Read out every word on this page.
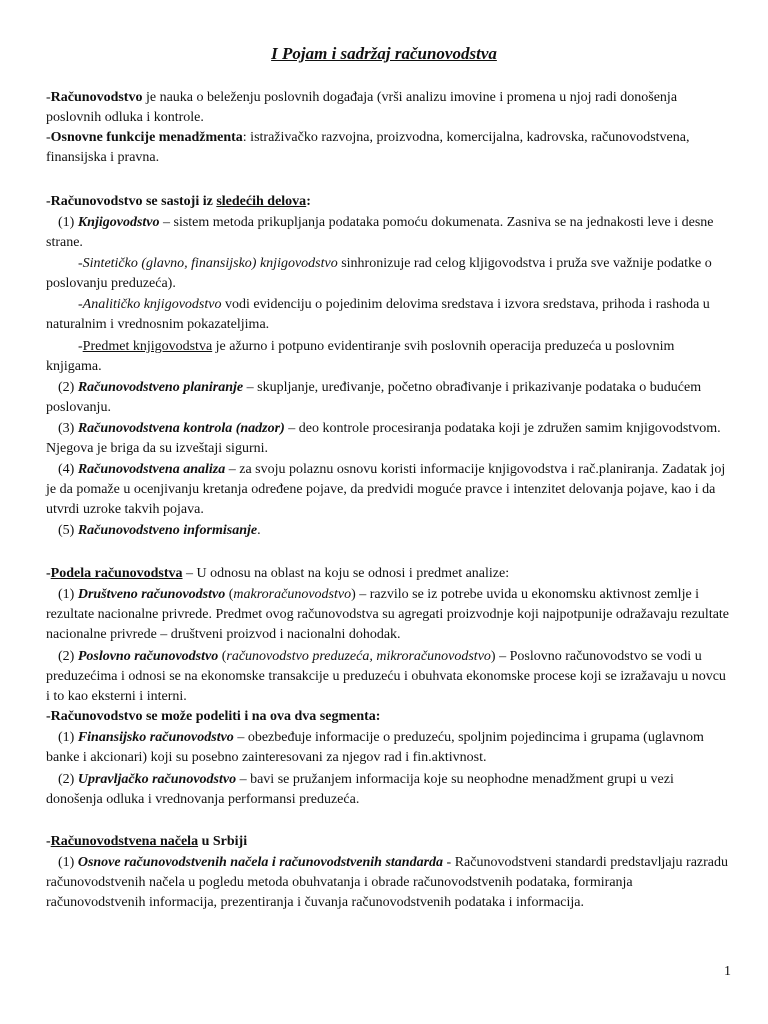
I Pojam i sadržaj računovodstva

-Računovodstvo je nauka o beleženju poslovnih događaja (vrši analizu imovine i promena u njoj radi donošenja poslovnih odluka i kontrole.

-Osnovne funkcije menadžmenta: istraživačko razvojna, proizvodna, komercijalna, kadrovska, računovodstvena, finansijska i pravna.

-Računovodstvo se sastoji iz sledećih delova:

(1) Knjigovodstvo – sistem metoda prikupljanja podataka pomoću dokumenata. Zasniva se na jednakosti leve i desne strane.

-Sintetičko (glavno, finansijsko) knjigovodstvo sinhronizuje rad celog kljigovodstva i pruža sve važnije podatke o poslovanju preduzeća).

-Analitičko knjigovodstvo vodi evidenciju o pojedinim delovima sredstava i izvora sredstava, prihoda i rashoda u naturalnim i vrednosnim pokazateljima.

-Predmet knjigovodstva je ažurno i potpuno evidentiranje svih poslovnih operacija preduzeća u poslovnim knjigama.

(2) Računovodstveno planiranje – skupljanje, uređivanje, početno obrađivanje i prikazivanje podataka o budućem poslovanju.

(3) Računovodstvena kontrola (nadzor) – deo kontrole procesiranja podataka koji je združen samim knjigovodstvom. Njegova je briga da su izveštaji sigurni.

(4) Računovodstvena analiza – za svoju polaznu osnovu koristi informacije knjigovodstva i rač.planiranja. Zadatak joj je da pomaže u ocenjivanju kretanja određene pojave, da predvidi moguće pravce i intenzitet delovanja pojave, kao i da utvrdi uzroke takvih pojava.

(5) Računovodstveno informisanje.

-Podela računovodstva – U odnosu na oblast na koju se odnosi i predmet analize:

(1) Društveno računovodstvo (makroračunovodstvo) – razvilo se iz potrebe uvida u ekonomsku aktivnost zemlje i rezultate nacionalne privrede. Predmet ovog računovodstva su agregati proizvodnje koji najpotpunije odražavaju rezultate nacionalne privrede – društveni proizvod i nacionalni dohodak.

(2) Poslovno računovodstvo (računovodstvo preduzeća, mikroračunovodstvo) – Poslovno računovodstvo se vodi u preduzećima i odnosi se na ekonomske transakcije u preduzeću i obuhvata ekonomske procese koji se izražavaju u novcu i to kao eksterni i interni.

-Računovodstvo se može podeliti i na ova dva segmenta:

(1) Finansijsko računovodstvo – obezbeđuje informacije o preduzeću, spoljnim pojedincima i grupama (uglavnom banke i akcionari) koji su posebno zainteresovani za njegov rad i fin.aktivnost.

(2) Upravljačko računovodstvo – bavi se pružanjem informacija koje su neophodne menadžment grupi u vezi donošenja odluka i vrednovanja performansi preduzeća.

-Računovodstvena načela u Srbiji

(1) Osnove računovodstvenih načela i računovodstvenih standarda - Računovodstveni standardi predstavljaju razradu računovodstvenih načela u pogledu metoda obuhvatanja i obrade računovodstvenih podataka, formiranja računovodstvenih informacija, prezentiranja i čuvanja računovodstvenih podataka i informacija.

1
